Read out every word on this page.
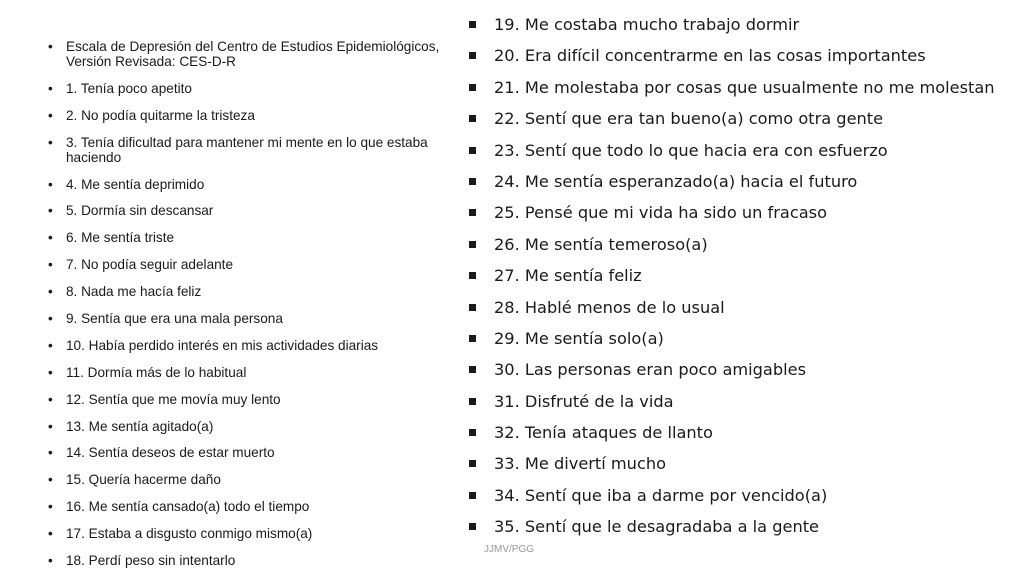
• Escala de Depresión del Centro de Estudios Epidemiológicos, Versión Revisada: CES-D-R
• 1. Tenía poco apetito
• 2. No podía quitarme la tristeza
• 3. Tenía dificultad para mantener mi mente en lo que estaba haciendo
• 4. Me sentía deprimido
• 5. Dormía sin descansar
• 6. Me sentía triste
• 7. No podía seguir adelante
• 8. Nada me hacía feliz
• 9. Sentía que era una mala persona
• 10. Había perdido interés en mis actividades diarias
• 11. Dormía más de lo habitual
• 12. Sentía que me movía muy lento
• 13. Me sentía agitado(a)
• 14. Sentía deseos de estar muerto
• 15. Quería hacerme daño
• 16. Me sentía cansado(a) todo el tiempo
• 17. Estaba a disgusto conmigo mismo(a)
• 18. Perdí peso sin intentarlo
19. Me costaba mucho trabajo dormir
20. Era difícil concentrarme en las cosas importantes
21. Me molestaba por cosas que usualmente no me molestan
22. Sentí que era tan bueno(a) como otra gente
23. Sentí que todo lo que hacia era con esfuerzo
24. Me sentía esperanzado(a) hacia el futuro
25. Pensé que mi vida ha sido un fracaso
26. Me sentía temeroso(a)
27. Me sentía feliz
28. Hablé menos de lo usual
29. Me sentía solo(a)
30. Las personas eran poco amigables
31. Disfruté de la vida
32. Tenía ataques de llanto
33. Me divertí mucho
34. Sentí que iba a darme por vencido(a)
35. Sentí que le desagradaba a la gente
JJMV/PGG
